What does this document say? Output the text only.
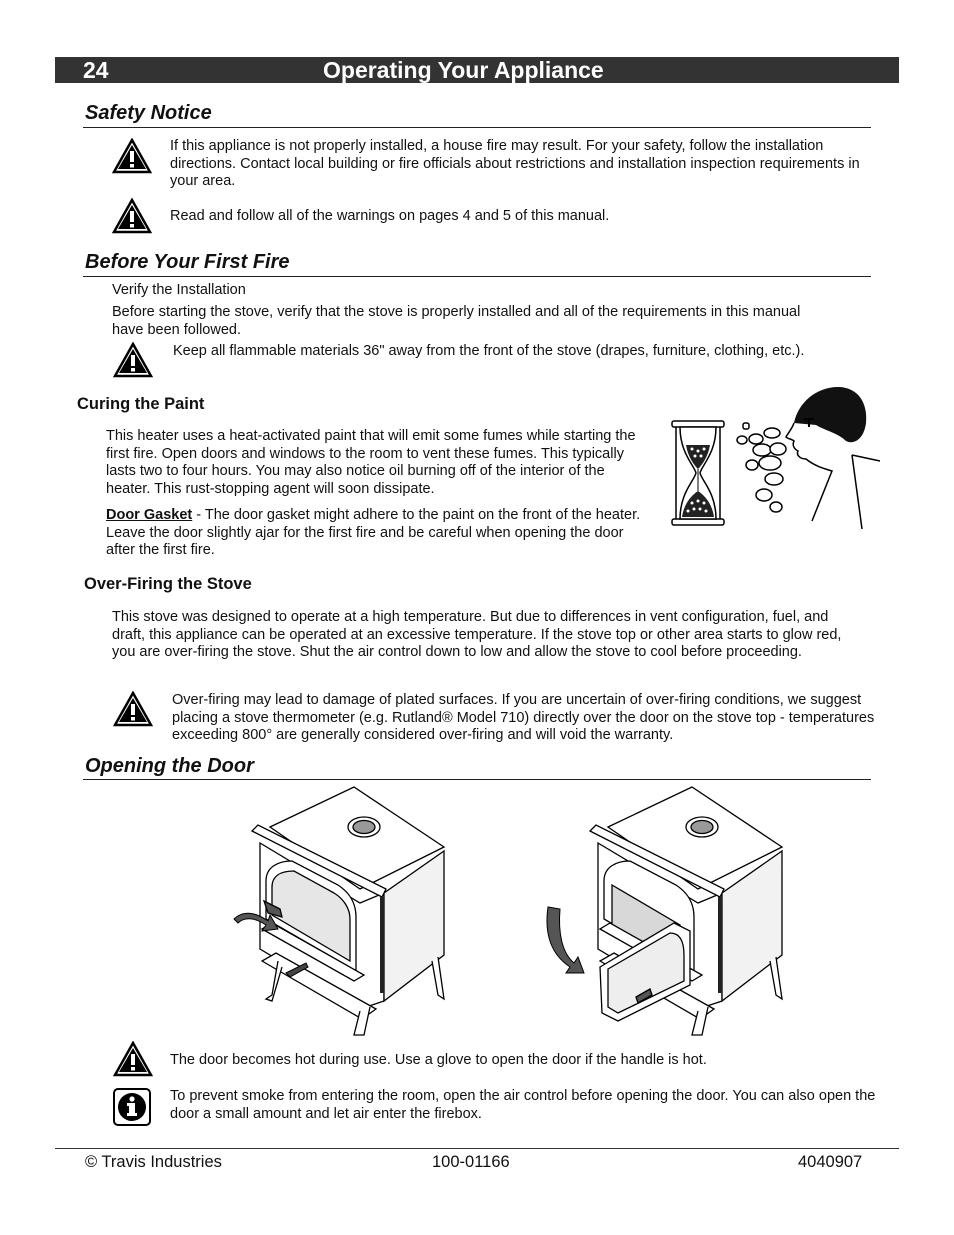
24	Operating Your Appliance
Safety Notice
If this appliance is not properly installed, a house fire may result. For your safety, follow the installation directions. Contact local building or fire officials about restrictions and installation inspection requirements in your area.
Read and follow all of the warnings on pages 4 and 5 of this manual.
Before Your First Fire
Verify the Installation
Before starting the stove, verify that the stove is properly installed and all of the requirements in this manual have been followed.
Keep all flammable materials 36" away from the front of the stove (drapes, furniture, clothing, etc.).
Curing the Paint
This heater uses a heat-activated paint that will emit some fumes while starting the first fire. Open doors and windows to the room to vent these fumes. This typically lasts two to four hours. You may also notice oil burning off of the interior of the heater. This rust-stopping agent will soon dissipate.
Door Gasket - The door gasket might adhere to the paint on the front of the heater. Leave the door slightly ajar for the first fire and be careful when opening the door after the first fire.
Over-Firing the Stove
This stove was designed to operate at a high temperature. But due to differences in vent configuration, fuel, and draft, this appliance can be operated at an excessive temperature. If the stove top or other area starts to glow red, you are over-firing the stove. Shut the air control down to low and allow the stove to cool before proceeding.
Over-firing may lead to damage of plated surfaces. If you are uncertain of over-firing conditions, we suggest placing a stove thermometer (e.g. Rutland® Model 710) directly over the door on the stove top - temperatures exceeding 800° are generally considered over-firing and will void the warranty.
Opening the Door
The door becomes hot during use. Use a glove to open the door if the handle is hot.
To prevent smoke from entering the room, open the air control before opening the door. You can also open the door a small amount and let air enter the firebox.
© Travis Industries	100-01166	4040907
